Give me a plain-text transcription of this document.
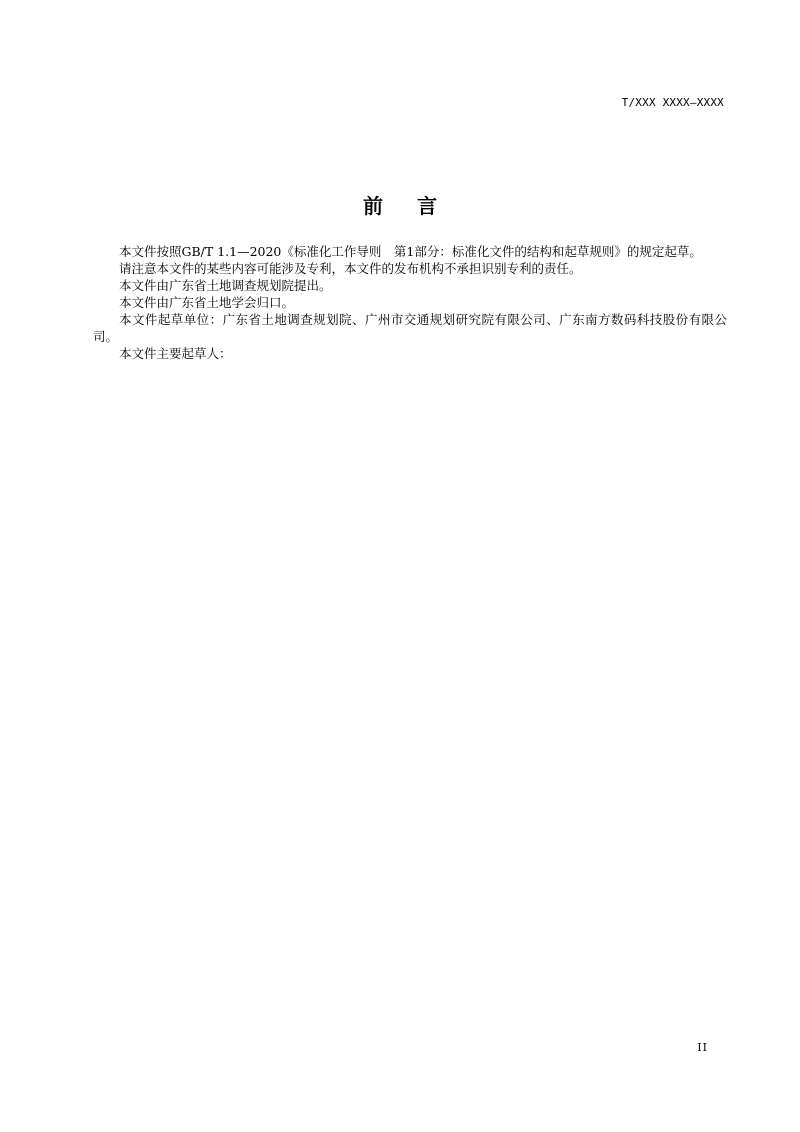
T/XXX XXXX—XXXX
前 言

本文件按照GB/T 1.1—2020《标准化工作导则　第1部分：标准化文件的结构和起草规则》的规定起草。

请注意本文件的某些内容可能涉及专利，本文件的发布机构不承担识别专利的责任。

本文件由广东省土地调查规划院提出。

本文件由广东省土地学会归口。

本文件起草单位：广东省土地调查规划院、广州市交通规划研究院有限公司、广东南方数码科技股份有限公司。

本文件主要起草人：

II
